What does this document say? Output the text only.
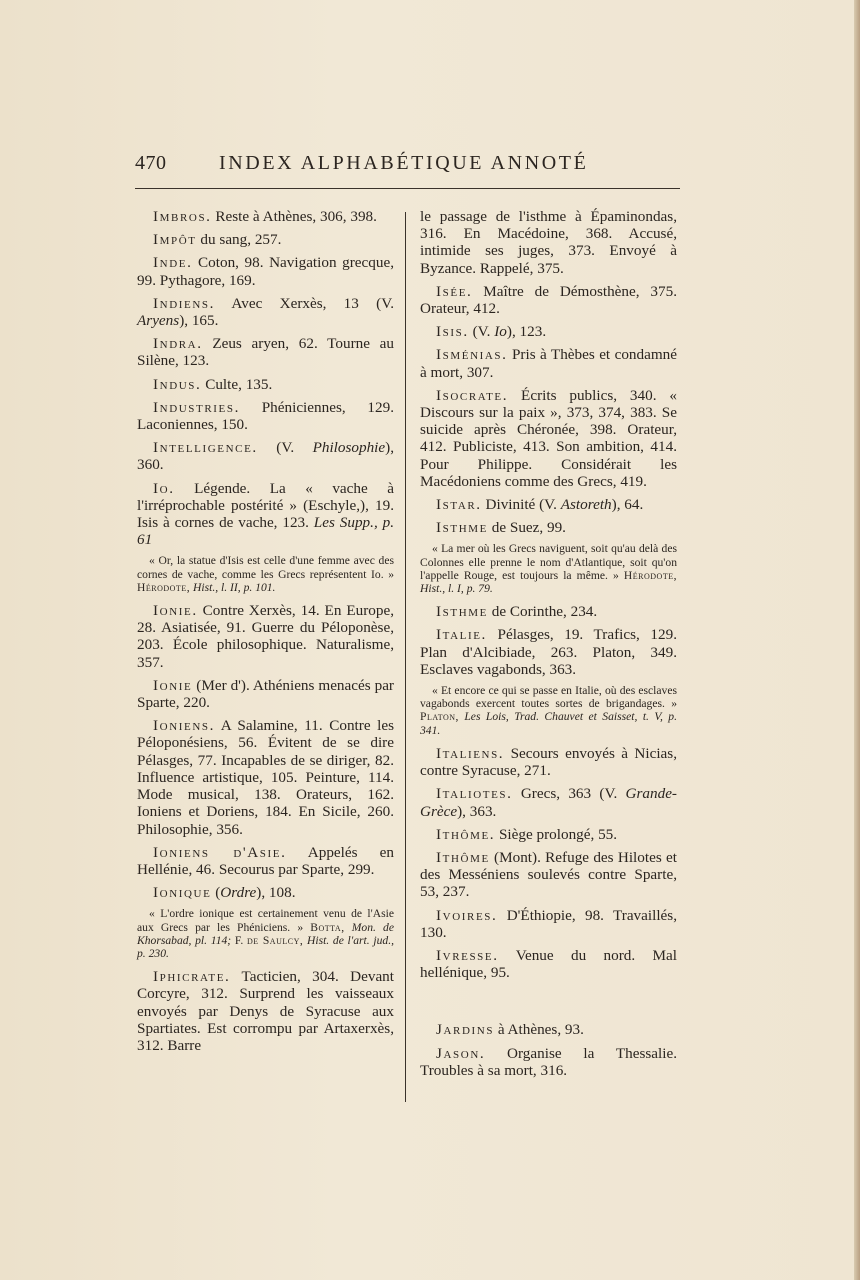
470	INDEX ALPHABÉTIQUE ANNOTÉ

Imbros. Reste à Athènes, 306, 398.

Impôt du sang, 257.

Inde. Coton, 98. Navigation grecque, 99. Pythagore, 169.

Indiens. Avec Xerxès, 13 (V. Aryens), 165.

Indra. Zeus aryen, 62. Tourne au Silène, 123.

Indus. Culte, 135.

Industries. Phéniciennes, 129. Laconiennes, 150.

Intelligence. (V. Philosophie), 360.

Io. Légende. La « vache à l'irréprochable postérité » (Eschyle,), 19. Isis à cornes de vache, 123. Les Supp., p. 61

« Or, la statue d'Isis est celle d'une femme avec des cornes de vache, comme les Grecs représentent Io. » Hérodote, Hist., l. II, p. 101.

Ionie. Contre Xerxès, 14. En Europe, 28. Asiatisée, 91. Guerre du Péloponèse, 203. École philosophique. Naturalisme, 357.

Ionie (Mer d'). Athéniens menacés par Sparte, 220.

Ioniens. A Salamine, 11. Contre les Péloponésiens, 56. Évitent de se dire Pélasges, 77. Incapables de se diriger, 82. Influence artistique, 105. Peinture, 114. Mode musical, 138. Orateurs, 162. Ioniens et Doriens, 184. En Sicile, 260. Philosophie, 356.

Ioniens d'Asie. Appelés en Hellénie, 46. Secourus par Sparte, 299.

Ionique (Ordre), 108.

« L'ordre ionique est certainement venu de l'Asie aux Grecs par les Phéniciens. » Botta, Mon. de Khorsabad, pl. 114; F. de Saulcy, Hist. de l'art. jud., p. 230.

Iphicrate. Tacticien, 304. Devant Corcyre, 312. Surprend les vaisseaux envoyés par Denys de Syracuse aux Spartiates. Est corrompu par Artaxerxès, 312. Barre

le passage de l'isthme à Épaminondas, 316. En Macédoine, 368. Accusé, intimide ses juges, 373. Envoyé à Byzance. Rappelé, 375.

Isée. Maître de Démosthène, 375. Orateur, 412.

Isis. (V. Io), 123.

Isménias. Pris à Thèbes et condamné à mort, 307.

Isocrate. Écrits publics, 340. « Discours sur la paix », 373, 374, 383. Se suicide après Chéronée, 398. Orateur, 412. Publiciste, 413. Son ambition, 414. Pour Philippe. Considérait les Macédoniens comme des Grecs, 419.

Istar. Divinité (V. Astoreth), 64.

Isthme de Suez, 99.

« La mer où les Grecs naviguent, soit qu'au delà des Colonnes elle prenne le nom d'Atlantique, soit qu'on l'appelle Rouge, est toujours la même. » Hérodote, Hist., l. I, p. 79.

Isthme de Corinthe, 234.

Italie. Pélasges, 19. Trafics, 129. Plan d'Alcibiade, 263. Platon, 349. Esclaves vagabonds, 363.

« Et encore ce qui se passe en Italie, où des esclaves vagabonds exercent toutes sortes de brigandages. » Platon, Les Lois, Trad. Chauvet et Saisset, t. V, p. 341.

Italiens. Secours envoyés à Nicias, contre Syracuse, 271.

Italiotes. Grecs, 363 (V. Grande-Grèce), 363.

Ithôme. Siège prolongé, 55.

Ithôme (Mont). Refuge des Hilotes et des Messéniens soulevés contre Sparte, 53, 237.

Ivoires. D'Éthiopie, 98. Travaillés, 130.

Ivresse. Venue du nord. Mal hellénique, 95.

Jardins à Athènes, 93.

Jason. Organise la Thessalie. Troubles à sa mort, 316.
